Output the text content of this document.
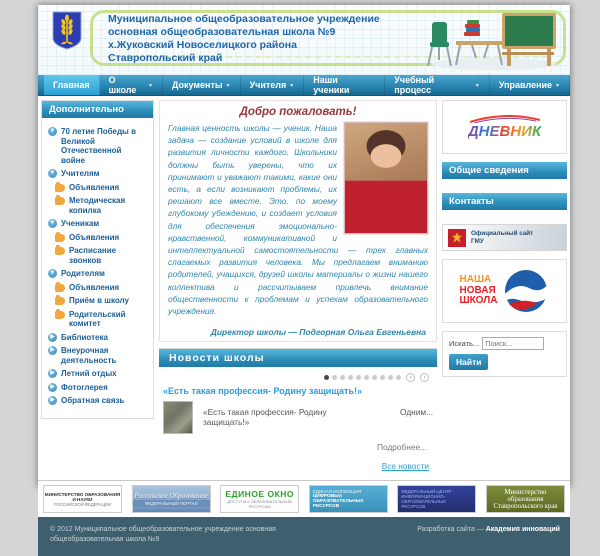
Муниципальное общеобразовательное учреждение
основная общеобразовательная школа №9
х.Жуковский Новоселицкого района
Ставропольский край
Главная О школе	▼ Документы ▼ Учителя ▼
Наши ученики
Учебный процесс	▼ Управление ▼
Дополнительно
▼ 70 летие Победы в Великой Отечественной войне
▼ Учителям
Объявления
Методическая копилка
▼ Ученикам
Объявления
Расписание звонков
▼ Родителям
Объявления
Приём в школу
Родительский комитет
▶ Библиотека
▶ Внеурочная деятельность
▶ Летний отдых
▶ Фотоглерея
▶ Обратная связь
Добро пожаловать!
Главная ценность школы — ученик. Наша задача — создание условий в школе для развития личности каждого. Школьники должны быть уверены, что их принимают и уважают такими, какие они есть, а если возникают проблемы, их решают все вместе. Это, по моему глубокому убеждению, и создает условия для обеспечения эмоционально-нравственной, коммуникативной и интеллектуальной самостоятельности — трех главных слагаемых развития человека. Мы предлагаем вниманию родителей, учащихся, друзей школы материалы о жизни нашего коллектива и рассчитываем привлечь внимание общественности к проблемам и успехам образовательного учреждения.
Директор школы — Подгорная Ольга Евгеньевна
Новости школы
‹	›
«Есть такая профессия- Родину защищать!»
«Есть такая профессия- Родину защищать!»
Одним...
Подробнее...
Все новости
ДНЕВНИК
Общие сведения
Контакты
Официальный сайт
ГМУ
НАША
НОВАЯ
ШКОЛА
Искать...
Поиск...
Найти
МИНИСТЕРСТВО ОБРАЗОВАНИЯ И НАУКИ
РОССИЙСКОЙ ФЕДЕРАЦИИ
Российское Образование
ФЕДЕРАЛЬНЫЙ ПОРТАЛ
ЕДИНОЕ ОКНО
ДОСТУПА К ОБРАЗОВАТЕЛЬНЫМ РЕСУРСАМ
ЕДИНАЯ КОЛЛЕКЦИЯ
ЦИФРОВЫХ
ОБРАЗОВАТЕЛЬНЫХ РЕСУРСОВ
ФЕДЕРАЛЬНЫЙ ЦЕНТР
ИНФОРМАЦИОННО-ОБРАЗОВАТЕЛЬНЫХ
РЕСУРСОВ
Министерство образования
Ставропольского края
© 2012 Муниципальное общеобразовательное учреждение основная
общеобразовательная школа №9
Разработка сайта — Академия инноваций
